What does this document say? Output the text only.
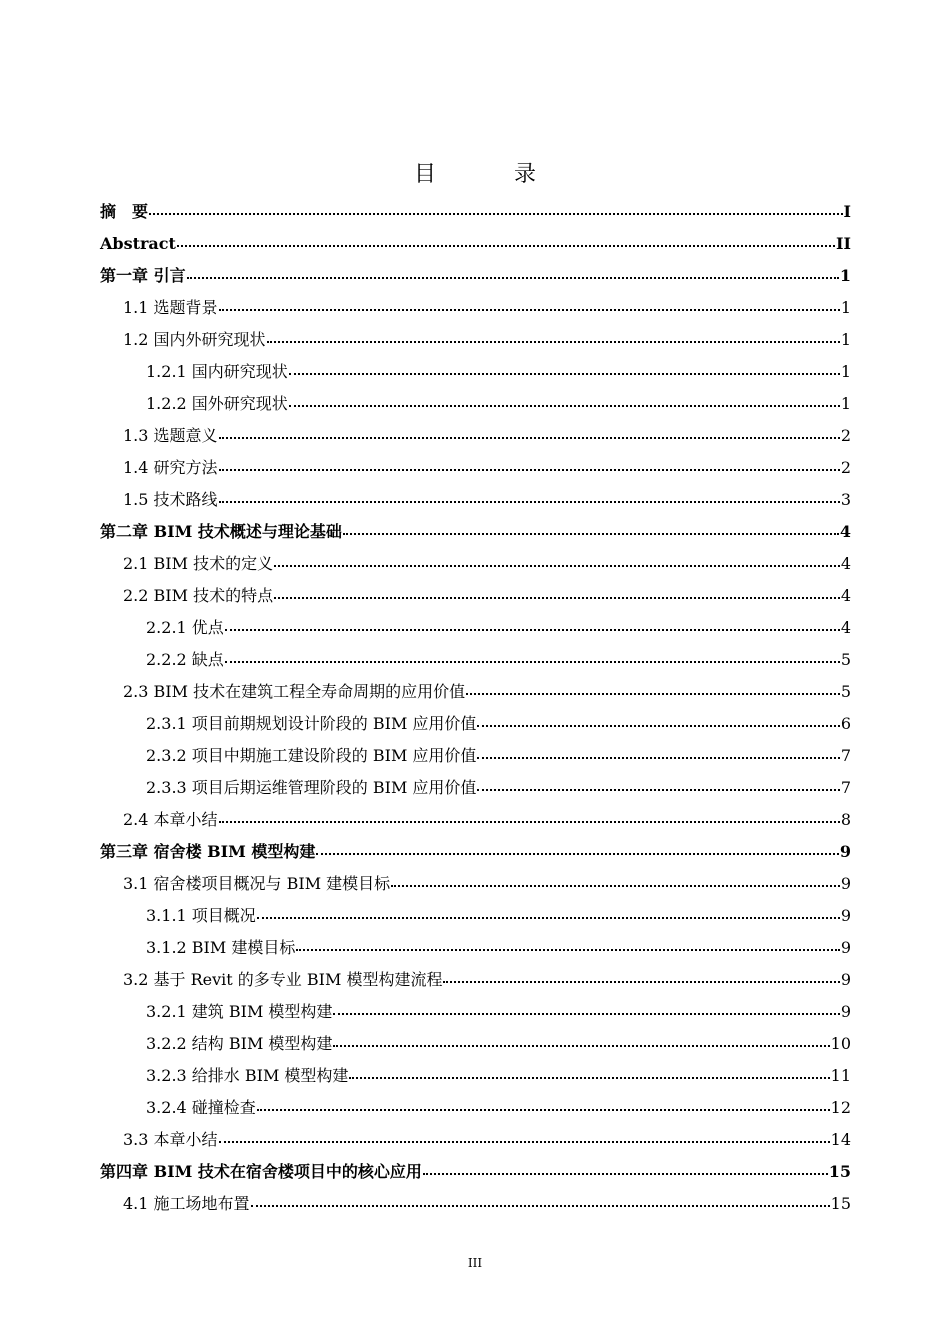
目　录
摘　要	I
Abstract	II
第一章 引言	1
1.1 选题背景	1
1.2 国内外研究现状	1
1.2.1 国内研究现状	1
1.2.2 国外研究现状	1
1.3 选题意义	2
1.4 研究方法	2
1.5 技术路线	3
第二章 BIM 技术概述与理论基础	4
2.1 BIM 技术的定义	4
2.2 BIM 技术的特点	4
2.2.1 优点	4
2.2.2 缺点	5
2.3 BIM 技术在建筑工程全寿命周期的应用价值	5
2.3.1 项目前期规划设计阶段的 BIM 应用价值	6
2.3.2 项目中期施工建设阶段的 BIM 应用价值	7
2.3.3 项目后期运维管理阶段的 BIM 应用价值	7
2.4 本章小结	8
第三章 宿舍楼 BIM 模型构建	9
3.1 宿舍楼项目概况与 BIM 建模目标	9
3.1.1 项目概况	9
3.1.2 BIM 建模目标	9
3.2 基于 Revit 的多专业 BIM 模型构建流程	9
3.2.1 建筑 BIM 模型构建	9
3.2.2 结构 BIM 模型构建	10
3.2.3 给排水 BIM 模型构建	11
3.2.4 碰撞检查	12
3.3 本章小结	14
第四章 BIM 技术在宿舍楼项目中的核心应用	15
4.1 施工场地布置	15
III
